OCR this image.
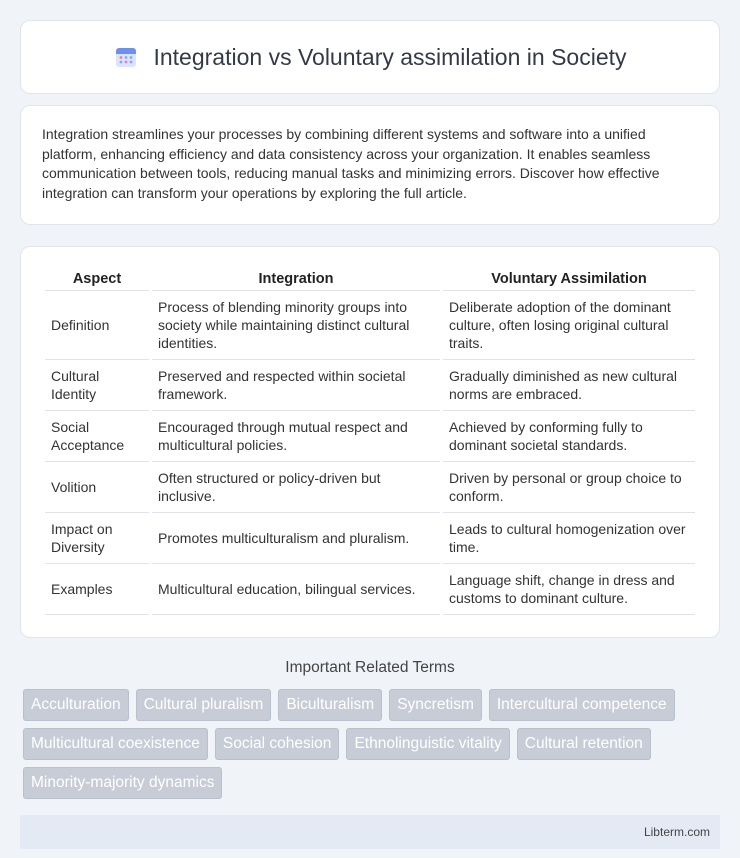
Integration vs Voluntary assimilation in Society

Integration streamlines your processes by combining different systems and software into a unified platform, enhancing efficiency and data consistency across your organization. It enables seamless communication between tools, reducing manual tasks and minimizing errors. Discover how effective integration can transform your operations by exploring the full article.

Aspect	Integration	Voluntary Assimilation
Definition	Process of blending minority groups into society while maintaining distinct cultural identities.	Deliberate adoption of the dominant culture, often losing original cultural traits.
Cultural Identity	Preserved and respected within societal framework.	Gradually diminished as new cultural norms are embraced.
Social Acceptance	Encouraged through mutual respect and multicultural policies.	Achieved by conforming fully to dominant societal standards.
Volition	Often structured or policy-driven but inclusive.	Driven by personal or group choice to conform.
Impact on Diversity	Promotes multiculturalism and pluralism.	Leads to cultural homogenization over time.
Examples	Multicultural education, bilingual services.	Language shift, change in dress and customs to dominant culture.
Important Related Terms
Acculturation	Cultural pluralism	Biculturalism	Syncretism	Intercultural competence
Multicultural coexistence	Social cohesion	Ethnolinguistic vitality	Cultural retention
Minority-majority dynamics
Libterm.com
